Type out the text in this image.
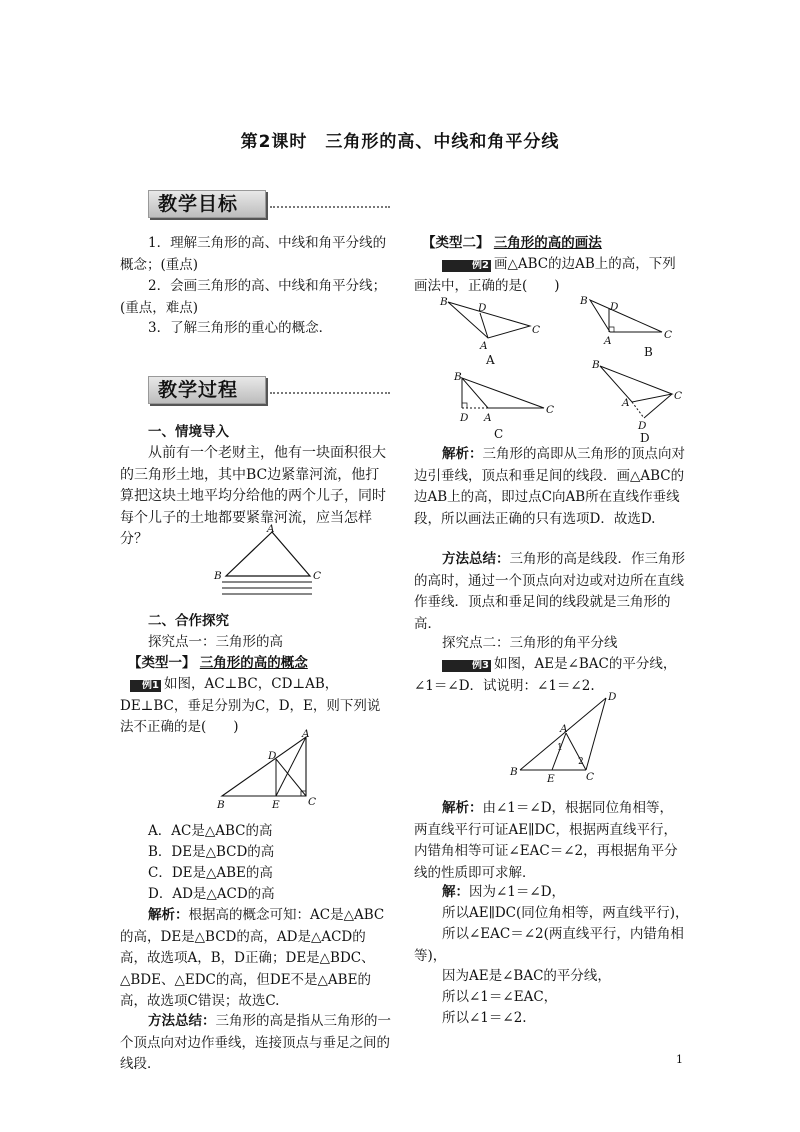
第2课时　三角形的高、中线和角平分线
教学目标

1．理解三角形的高、中线和角平分线的概念；(重点)

2．会画三角形的高、中线和角平分线；(重点，难点)

3．了解三角形的重心的概念．

教学过程

一、情境导入

从前有一个老财主，他有一块面积很大的三角形土地，其中BC边紧靠河流，他打算把这块土地平均分给他的两个儿子，同时每个儿子的土地都要紧靠河流，应当怎样分？

A
B	C

二、合作探究

探究点一：三角形的高

【类型一】 三角形的高的概念

例1 如图，AC⊥BC，CD⊥AB，DE⊥BC，垂足分别为C，D，E，则下列说法不正确的是(　　)	A
D
B	E	C

A．AC是△ABC的高

B．DE是△BCD的高

C．DE是△ABE的高

D．AD是△ACD的高

解析：根据高的概念可知：AC是△ABC的高，DE是△BCD的高，AD是△ACD的高，故选项A，B，D正确；DE是△BDC、△BDE、△EDC的高，但DE不是△ABE的高，故选项C错误；故选C.

方法总结：三角形的高是指从三角形的一个顶点向对边作垂线，连接顶点与垂足之间的线段．

【类型二】 三角形的高的画法

例2 画△ABC的边AB上的高，下列画法中，正确的是(　　)

B	D
A
C
A
B D
A	C
B
B
D A
C
C
B
A
C
D
D

解析：三角形的高即从三角形的顶点向对边引垂线，顶点和垂足间的线段．画△ABC的边AB上的高，即过点C向AB所在直线作垂线段，所以画法正确的只有选项D．故选D.

方法总结：三角形的高是线段．作三角形的高时，通过一个顶点向对边或对边所在直线作垂线．顶点和垂足间的线段就是三角形的高．

探究点二：三角形的角平分线

例3 如图，AE是∠BAC的平分线，∠1＝∠D．试说明：∠1＝∠2.

D
A
1
2
B
E	C

解析：由∠1＝∠D，根据同位角相等，两直线平行可证AE∥DC，根据两直线平行，内错角相等可证∠EAC＝∠2，再根据角平分线的性质即可求解．

解：因为∠1＝∠D，

所以AE∥DC(同位角相等，两直线平行)，

所以∠EAC＝∠2(两直线平行，内错角相等)，

因为AE是∠BAC的平分线，

所以∠1＝∠EAC，

所以∠1＝∠2.

1
